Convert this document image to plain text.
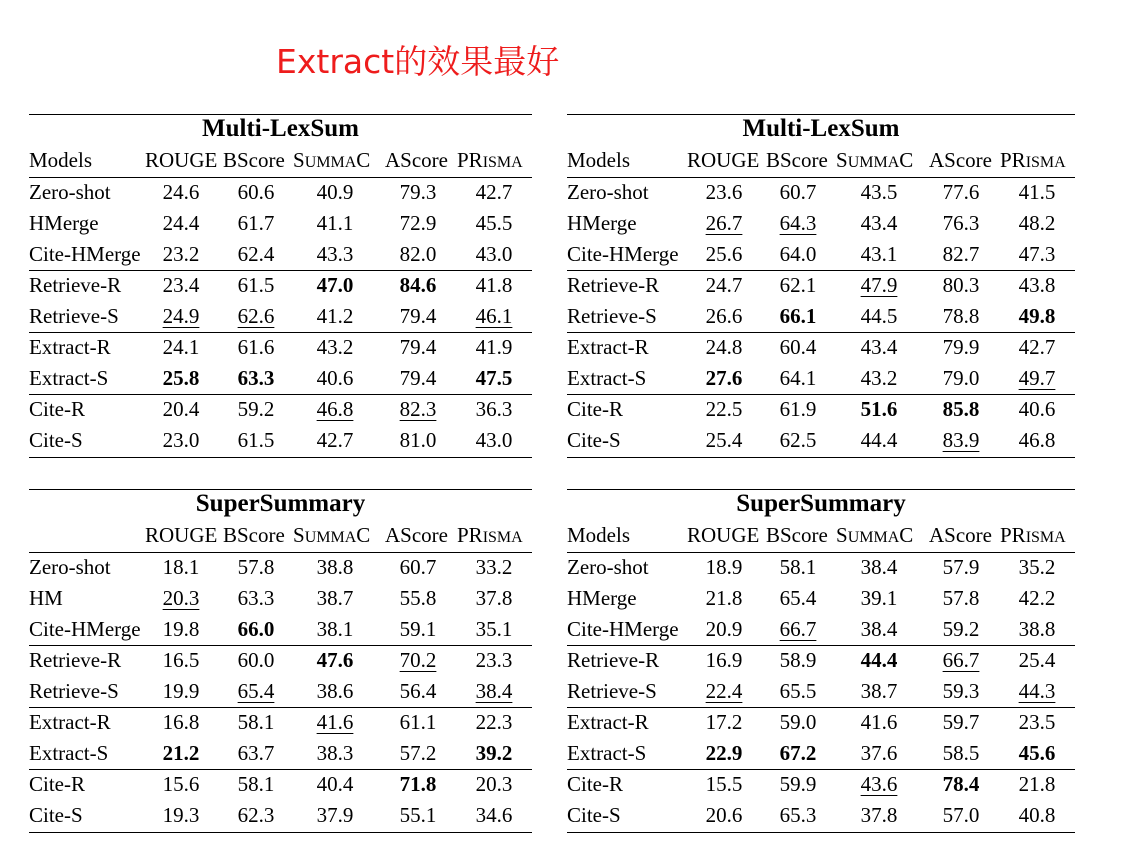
Extract的效果最好
Multi-LexSum
Models	ROUGE BScore SUMMAC AScore PRISMA
Zero-shot	24.6	60.6	40.9	79.3	42.7
HMerge	24.4	61.7	41.1	72.9	45.5
Cite-HMerge	23.2	62.4	43.3	82.0	43.0
Retrieve-R	23.4	61.5	47.0	84.6	41.8
Retrieve-S	24.9	62.6	41.2	79.4	46.1
Extract-R	24.1	61.6	43.2	79.4	41.9
Extract-S	25.8	63.3	40.6	79.4	47.5
Cite-R	20.4	59.2	46.8	82.3	36.3
Cite-S	23.0	61.5	42.7	81.0	43.0
Multi-LexSum
Models	ROUGE BScore SUMMAC AScore PRISMA
Zero-shot	23.6	60.7	43.5	77.6	41.5
HMerge	26.7	64.3	43.4	76.3	48.2
Cite-HMerge	25.6	64.0	43.1	82.7	47.3
Retrieve-R	24.7	62.1	47.9	80.3	43.8
Retrieve-S	26.6	66.1	44.5	78.8	49.8
Extract-R	24.8	60.4	43.4	79.9	42.7
Extract-S	27.6	64.1	43.2	79.0	49.7
Cite-R	22.5	61.9	51.6	85.8	40.6
Cite-S	25.4	62.5	44.4	83.9	46.8
SuperSummary
ROUGE BScore SUMMAC AScore PRISMA
Zero-shot	18.1	57.8	38.8	60.7	33.2
HM	20.3	63.3	38.7	55.8	37.8
Cite-HMerge	19.8	66.0	38.1	59.1	35.1
Retrieve-R	16.5	60.0	47.6	70.2	23.3
Retrieve-S	19.9	65.4	38.6	56.4	38.4
Extract-R	16.8	58.1	41.6	61.1	22.3
Extract-S	21.2	63.7	38.3	57.2	39.2
Cite-R	15.6	58.1	40.4	71.8	20.3
Cite-S	19.3	62.3	37.9	55.1	34.6
SuperSummary
Models	ROUGE BScore SUMMAC AScore PRISMA
Zero-shot	18.9	58.1	38.4	57.9	35.2
HMerge	21.8	65.4	39.1	57.8	42.2
Cite-HMerge	20.9	66.7	38.4	59.2	38.8
Retrieve-R	16.9	58.9	44.4	66.7	25.4
Retrieve-S	22.4	65.5	38.7	59.3	44.3
Extract-R	17.2	59.0	41.6	59.7	23.5
Extract-S	22.9	67.2	37.6	58.5	45.6
Cite-R	15.5	59.9	43.6	78.4	21.8
Cite-S	20.6	65.3	37.8	57.0	40.8
